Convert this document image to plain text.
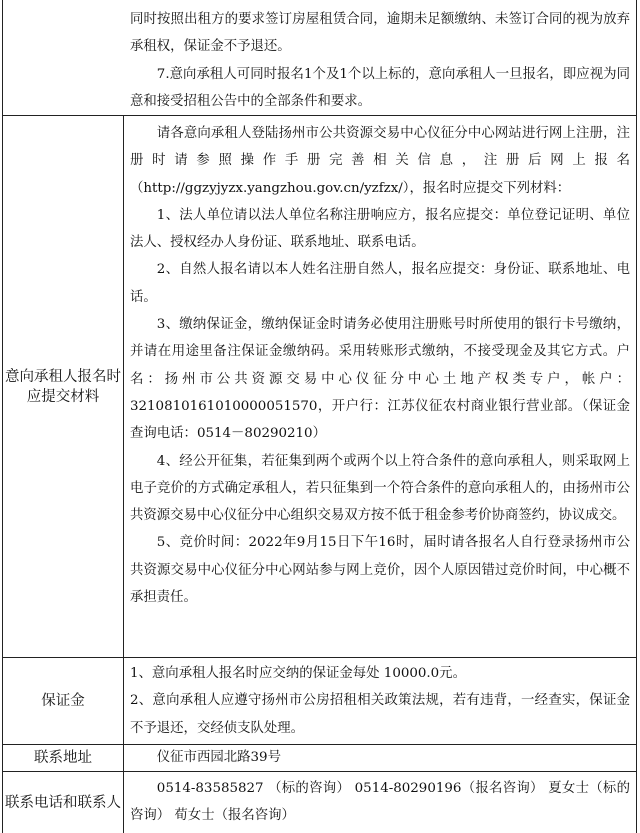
同时按照出租方的要求签订房屋租赁合同，逾期未足额缴纳、未签订合同的视为放弃承租权，保证金不予退还。

7.意向承租人可同时报名1个及1个以上标的，意向承租人一旦报名，即应视为同意和接受招租公告中的全部条件和要求。

意向承租人报名时应提交材料

请各意向承租人登陆扬州市公共资源交易中心仪征分中心网站进行网上注册，注册时请参照操作手册完善相关信息，注册后网上报名（http://ggzyjyzx.yangzhou.gov.cn/yzfzx/），报名时应提交下列材料：

1、法人单位请以法人单位名称注册响应方，报名应提交：单位登记证明、单位法人、授权经办人身份证、联系地址、联系电话。

2、自然人报名请以本人姓名注册自然人，报名应提交：身份证、联系地址、电话。

3、缴纳保证金，缴纳保证金时请务必使用注册账号时所使用的银行卡号缴纳，并请在用途里备注保证金缴纳码。采用转账形式缴纳，不接受现金及其它方式。户名：扬州市公共资源交易中心仪征分中心土地产权类专户，帐户：3210810161010000051570，开户行：江苏仪征农村商业银行营业部。（保证金查询电话：0514－80290210）

4、经公开征集，若征集到两个或两个以上符合条件的意向承租人，则采取网上电子竞价的方式确定承租人，若只征集到一个符合条件的意向承租人的，由扬州市公共资源交易中心仪征分中心组织交易双方按不低于租金参考价协商签约，协议成交。

5、竞价时间：2022年9月15日下午16时，届时请各报名人自行登录扬州市公共资源交易中心仪征分中心网站参与网上竞价，因个人原因错过竞价时间，中心概不承担责任。

保证金

1、意向承租人报名时应交纳的保证金每处 10000.0元。

2、意向承租人应遵守扬州市公房招租相关政策法规，若有违背，一经查实，保证金不予退还，交经侦支队处理。

联系地址	仪征市西园北路39号

联系电话和联系人

0514-83585827 （标的咨询） 0514-80290196（报名咨询） 夏女士（标的咨询） 荀女士（报名咨询）
